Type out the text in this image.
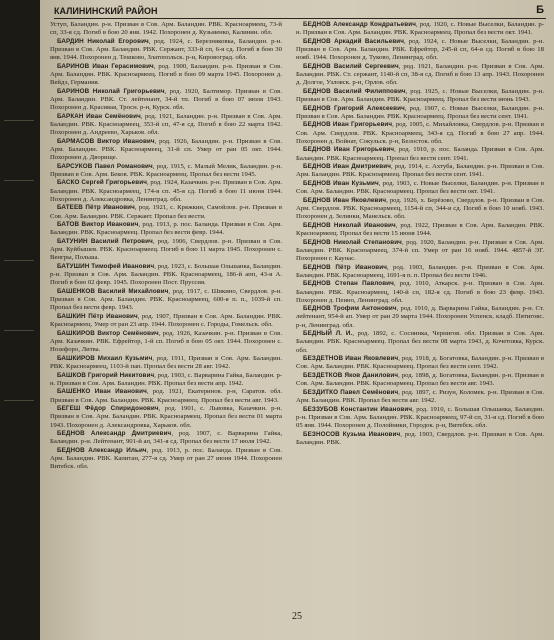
КАЛИНИНСКИЙ РАЙОН	Б

Уступ, Баландин. р-н. Призван в Сов. Арм. Баландин. РВК. Красноармеец, 73-й сп, 33-я сд. Погиб в бою 20 янв. 1942. Похоронен д. Кузьменко, Калинин. обл.

БАРДИН Николай Егорович, род. 1924, с. Березняковка, Баландин. р-н. Призван в Сов. Арм. Баландин. РВК. Сержант, 333-й сп, 6-я сд. Погиб в бою 30 янв. 1944. Похоронен д. Тешково, Златопольск. р-н, Кировоград. обл.

БАРИНОВ Иван Герасимович, род. 1900, Баландин. р-н. Призван в Сов. Арм. Баландин. РВК. Красноармеец. Погиб в бою 09 марта 1945. Похоронен д. Вейдэ, Германия.

БАРИНОВ Николай Григорьевич, род. 1920, Балтимор. Призван в Сов. Арм. Баландин. РВК. Ст. лейтенант, 34-й тп. Погиб в бою 07 июля 1943. Похоронен д. Красивая, Тросн. р-н, Курск. обл.

БАРКАН Иван Семёнович, род. 1921, Баландин. р-н. Призван в Сов. Арм. Баландин. РВК. Красноармеец, 353-й сп, 47-я сд. Погиб в бою 22 марта 1942. Похоронен д. Андреево, Харьков. обл.

БАРМАСОВ Виктор Иванович, род. 1926, Баландин. р-н. Призван в Сов. Арм. Баландин. РВК. Красноармеец, 31-й сп. Умер от ран 05 окт. 1944. Похоронен д. Дворище.

БАРСУКОВ Павел Романович, род. 1915, с. Малый Мелик, Баландин. р-н. Призван в Сов. Арм. Беков. РВК. Красноармеец. Пропал без вести 1945.

БАСКО Сергей Григорьевич, род. 1924, Казачкин. р-н. Призван в Сов. Арм. Баландин. РВК. Красноармеец, 174-я сп. 45-я сд. Погиб в бою 11 июня 1944. Похоронен д. Александровка, Ленинград. обл.

БАТЕЕВ Пётр Иванович, род. 1921, с. Кряжкин, Самойлов. р-н. Призван в Сов. Арм. Баландин. РВК. Сержант. Пропал без вести.

БАТОВ Виктор Иванович, род. 1913, р. пос. Баланда. Призван в Сов. Арм. Баландин. РВК. Красноармеец. Пропал без вести февр. 1944.

БАТУНИН Василий Петрович, род. 1906, Свердлов. р-н. Призван в Сов. Арм. Куйбышев. РВК. Красноармеец. Погиб в бою 11 марта 1945. Похоронен с. Венгры, Польша.

БАТУШИН Тимофей Иванович, род. 1923, с. Большая Ольшанка, Баландин. р-н. Призван в Сов. Арм. Баландин. РВК. Красноармеец, 186-й апп, 43-я А. Погиб в бою 02 февр. 1945. Похоронен Пост. Пруссия.

БАШЕНКОВ Василий Михайлович, род. 1917, с. Шикино, Свердлов. р-н. Призван в Сов. Арм. Баландин. РВК. Красноармеец, 600-я п. п., 1039-й сп. Пропал без вести февр. 1943.

БАШКИН Пётр Иванович, род. 1907, Призван в Сов. Арм. Баландин. РВК. Красноармеец. Умер от ран 23 апр. 1944. Похоронен с. Городы, Гомельск. обл.

БАШКИРОВ Виктор Семёнович, род. 1926, Казачкин. р-н. Призван в Сов. Арм. Казачкин. РВК. Ефрейтор, 1-й сп. Погиб в бою 05 окт. 1944. Похоронен с. Нозефоро, Литва.

БАШКИРОВ Михаил Кузьмич, род. 1911, Призван в Сов. Арм. Баландин. РВК. Красноармеец, 1103-й пап. Пропал без вести 28 авг. 1942.

БАШКОВ Григорий Никитович, род. 1903, с. Варварина Гайка, Баландин. р-н. Призван в Сов. Арм. Баландин. РВК. Пропал без вести апр. 1942.

БАШЕНКО Иван Иванович, род. 1921, Екатеринов. р-н, Саратов. обл. Призван в Сов. Арм. Баландин. РВК. Красноармеец. Пропал без вести авг. 1943.

БЕГЕШ Фёдор Спиридонович, род. 1901, с. Львовка, Казачкин. р-н. Призван в Сов. Арм. Баландин. РВК. Красноармеец. Пропал без вести 01 марта 1943. Похоронен д. Александровка, Харьков. обл.

БЕДНОВ Александр Дмитриевич, род. 1907, с. Варварина Гайка, Баландин. р-н. Лейтенант, 901-й ап, 341-я сд. Пропал без вести 17 июля 1942.

БЕДНОВ Александр Ильич, род. 1913, р. пос. Баланда. Призван в Сов. Арм. Баландин. РВК. Капитан, 277-я сд. Умер от ран 27 июня 1944. Похоронен Витебск. обл.

БЕДНОВ Александр Кондратьевич, род. 1920, с. Новые Выселки, Баландин. р-н. Призван в Сов. Арм. Баландин. РВК. Красноармеец. Пропал без вести окт. 1941.

БЕДНОВ Аркадий Васильевич, род. 1924, с. Новые Выселки, Баландин. р-н. Призван в Сов. Арм. Баландин. РВК. Ефрейтор, 245-й сп, 64-я сд. Погиб в бою 18 нояб. 1944. Похоронен д. Туково, Ленинград. обл.

БЕДНОВ Василий Сергеевич, род. 1921, Баландин. р-н. Призван в Сов. Арм. Баландин. РВК. Ст. сержант, 1140-й сп, 38-я сд. Погиб в бою 13 апр. 1943. Похоронен д. Долгое, Узловск. р-н, Орлов. обл.

БЕДНОВ Василий Филиппович, род. 1925, с. Новые Выселки, Баландин. р-н. Призван в Сов. Арм. Баландин. РВК. Красноармеец. Пропал без вести июнь 1943.

БЕДНОВ Григорий Алексеевич, род. 1907, с. Новые Выселки, Баландин. р-н. Призван в Сов. Арм. Баландин. РВК. Красноармеец. Пропал без вести сент. 1941.

БЕДНОВ Иван Григорьевич, род. 1905, с. Михайловка, Свердлов. р-н. Призван в Сов. Арм. Свердлов. РВК. Красноармеец, 343-я сд. Погиб в бою 27 апр. 1944. Похоронен д. Войнат, Сокульск. р-н, Белосток. обл.

БЕДНОВ Иван Григорьевич, род. 1910, р. пос. Баланда. Призван в Сов. Арм. Баландин. РВК. Красноармеец. Пропал без вести сент. 1941.

БЕДНОВ Иван Дмитриевич, род. 1914, с. Ахтуба, Баландин. р-н. Призван в Сов. Арм. Баландин. РВК. Красноармеец. Пропал без вести сент. 1941.

БЕДНОВ Иван Кузьмич, род. 1903, с. Новые Выселки, Баландин. р-н. Призван в Сов. Арм. Баландин. РВК. Красноармеец. Пропал без вести окт. 1941.

БЕДНОВ Иван Яковлевич, род. 1926, х. Берёзово, Свердлов. р-н. Призван в Сов. Арм. Свердлов. РВК. Красноармеец, 1154-й сп, 344-я сд. Погиб в бою 10 нояб. 1943. Похоронен д. Зелинки, Манельск. обл.

БЕДНОВ Николай Иванович, род. 1922, Призван в Сов. Арм. Баландин. РВК. Красноармеец. Пропал без вести 15 июня 1944.

БЕДНОВ Николай Степанович, род. 1920, Баландин. р-н. Призван в Сов. Арм. Баландин. РВК. Красноармеец, 374-й сп. Умер от ран 16 нояб. 1944. 4857-й ЭГ. Похоронен г. Каунас.

БЕДНОВ Пётр Иванович, род. 1903, Баландин. р-н. Призван в Сов. Арм. Баландин. РВК. Красноармеец, 1691-я п. п. Пропал без вести 1946.

БЕДНОВ Степан Павлович, род. 1910, Аткарск. р-н. Призван в Сов. Арм. Баландин. РВК. Красноармеец, 140-й сп, 182-я сд. Погиб в бою 23 февр. 1943. Похоронен д. Пеино, Ленинград. обл.

БЕДНОВ Трофим Антонович, род. 1910, д. Варварина Гайка, Баландин. р-н. Ст. лейтенант, 954-й ап. Умер от ран 29 марта 1944. Похоронен Успенск. кладб. Пятиговс. р-н, Ленинград. обл.

БЕДНЫЙ Л. И., род. 1892, с. Соснинка, Чернигов. обл. Призван в Сов. Арм. Баландин. РВК. Красноармеец. Пропал без вести 08 марта 1943, д. Кочетовка, Курск. обл.

БЕЗДЕТНОВ Иван Яковлевич, род. 1918, д. Богатовка, Баландин. р-н. Призван в Сов. Арм. Баландин. РВК. Красноармеец. Пропал без вести сент. 1942.

БЕЗДЕТКОВ Яков Данилович, род. 1898, д. Богатовка, Баландин. р-н. Призван в Сов. Арм. Баландин. РВК. Красноармеец. Пропал без вести авг. 1943.

БЕЗДИТКО Павел Семёнович, род. 1897, с. Ризун, Коломек. р-н. Призван в Сов. Арм. Баландин. РВК. Пропал без вести авг. 1942.

БЕЗЗУБОВ Константин Иванович, род. 1910, с. Большая Ольшанка, Баландин. р-н. Призван в Сов. Арм. Баландин. РВК. Красноармеец, 97-й сп, 31-я сд. Погиб в бою 05 янв. 1944. Похоронен д. Полойники, Городок. р-н, Витебск. обл.

БЕЗНОСОВ Кузьма Иванович, род. 1903, Свердлов. р-н. Призван в Сов. Арм. Баландин. РВК.

25
